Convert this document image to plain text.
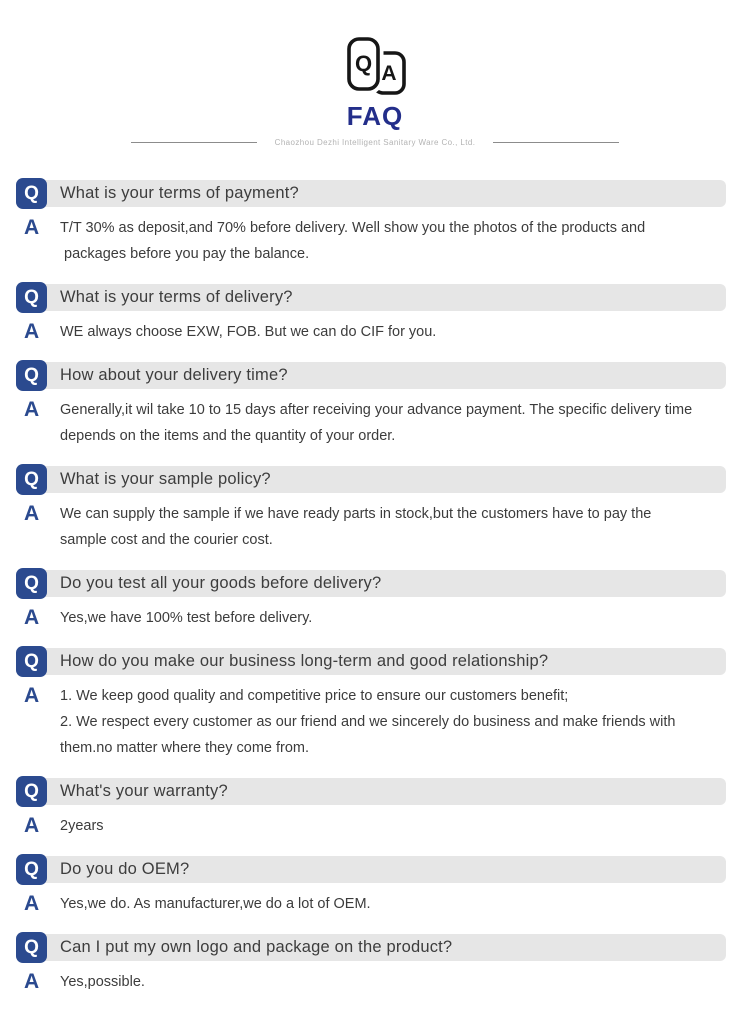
A
Q
FAQ
Chaozhou Dezhi Intelligent Sanitary Ware Co., Ltd.
Q	What is your terms of payment?
A	T/T 30% as deposit,and 70% before delivery. Well show you the photos of the products and
packages before you pay the balance.
Q	What is your terms of delivery?
A	WE always choose EXW, FOB. But we can do CIF for you.
Q	How about your delivery time?
A	Generally,it wil take 10 to 15 days after receiving your advance payment. The specific delivery time
depends on the items and the quantity of your order.
Q	What is your sample policy?
A	We can supply the sample if we have ready parts in stock,but the customers have to pay the
sample cost and the courier cost.
Q	Do you test all your goods before delivery?
A	Yes,we have 100% test before delivery.
Q	How do you make our business long-term and good relationship?
A	1. We keep good quality and competitive price to ensure our customers benefit;
2. We respect every customer as our friend and we sincerely do business and make friends with
them.no matter where they come from.
Q	What's your warranty?
A	2years
Q	Do you do OEM?
A	Yes,we do. As manufacturer,we do a lot of OEM.
Q	Can I put my own logo and package on the product?
A	Yes,possible.
